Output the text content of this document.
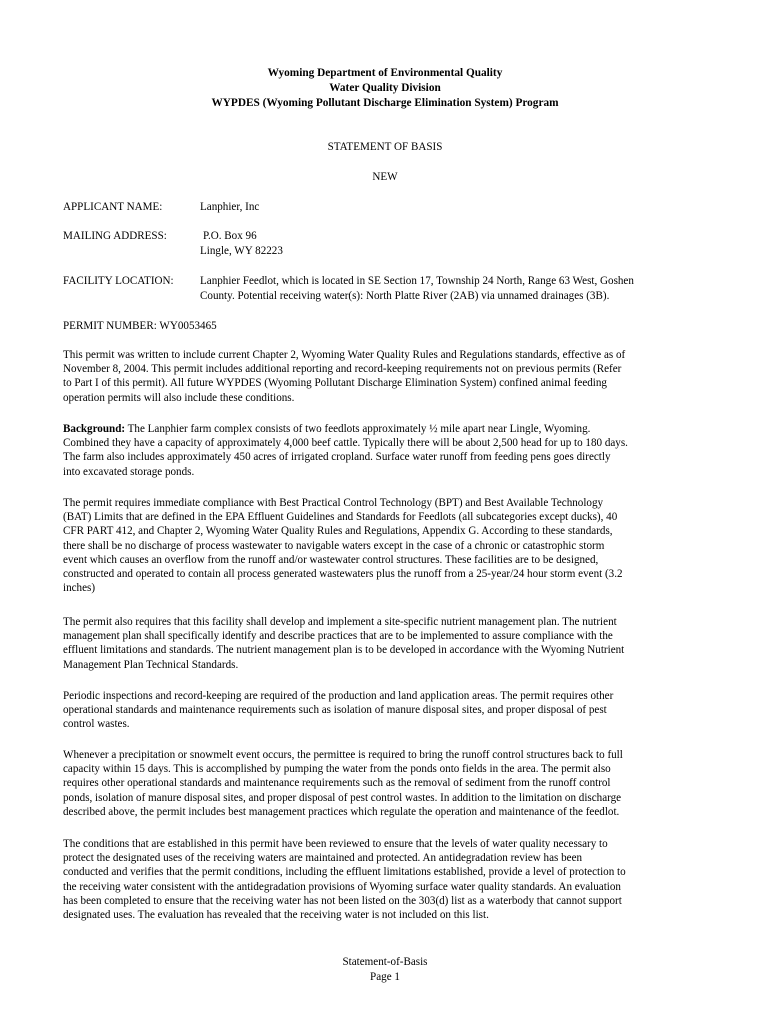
Wyoming Department of Environmental Quality
Water Quality Division
WYPDES (Wyoming Pollutant Discharge Elimination System) Program
STATEMENT OF BASIS
NEW
APPLICANT NAME:	Lanphier, Inc
MAILING ADDRESS:	P.O. Box 96
Lingle, WY 82223
FACILITY LOCATION: Lanphier Feedlot, which is located in SE Section 17, Township 24 North, Range 63 West, Goshen
County. Potential receiving water(s): North Platte River (2AB) via unnamed drainages (3B).
PERMIT NUMBER: WY0053465
This permit was written to include current Chapter 2, Wyoming Water Quality Rules and Regulations standards, effective as of
November 8, 2004. This permit includes additional reporting and record-keeping requirements not on previous permits (Refer
to Part I of this permit). All future WYPDES (Wyoming Pollutant Discharge Elimination System) confined animal feeding
operation permits will also include these conditions.
Background: The Lanphier farm complex consists of two feedlots approximately ½ mile apart near Lingle, Wyoming.
Combined they have a capacity of approximately 4,000 beef cattle. Typically there will be about 2,500 head for up to 180 days.
The farm also includes approximately 450 acres of irrigated cropland. Surface water runoff from feeding pens goes directly
into excavated storage ponds.
The permit requires immediate compliance with Best Practical Control Technology (BPT) and Best Available Technology
(BAT) Limits that are defined in the EPA Effluent Guidelines and Standards for Feedlots (all subcategories except ducks), 40
CFR PART 412, and Chapter 2, Wyoming Water Quality Rules and Regulations, Appendix G. According to these standards,
there shall be no discharge of process wastewater to navigable waters except in the case of a chronic or catastrophic storm
event which causes an overflow from the runoff and/or wastewater control structures. These facilities are to be designed,
constructed and operated to contain all process generated wastewaters plus the runoff from a 25-year/24 hour storm event (3.2
inches)
The permit also requires that this facility shall develop and implement a site-specific nutrient management plan. The nutrient
management plan shall specifically identify and describe practices that are to be implemented to assure compliance with the
effluent limitations and standards. The nutrient management plan is to be developed in accordance with the Wyoming Nutrient
Management Plan Technical Standards.
Periodic inspections and record-keeping are required of the production and land application areas. The permit requires other
operational standards and maintenance requirements such as isolation of manure disposal sites, and proper disposal of pest
control wastes.
Whenever a precipitation or snowmelt event occurs, the permittee is required to bring the runoff control structures back to full
capacity within 15 days. This is accomplished by pumping the water from the ponds onto fields in the area. The permit also
requires other operational standards and maintenance requirements such as the removal of sediment from the runoff control
ponds, isolation of manure disposal sites, and proper disposal of pest control wastes. In addition to the limitation on discharge
described above, the permit includes best management practices which regulate the operation and maintenance of the feedlot.
The conditions that are established in this permit have been reviewed to ensure that the levels of water quality necessary to
protect the designated uses of the receiving waters are maintained and protected. An antidegradation review has been
conducted and verifies that the permit conditions, including the effluent limitations established, provide a level of protection to
the receiving water consistent with the antidegradation provisions of Wyoming surface water quality standards. An evaluation
has been completed to ensure that the receiving water has not been listed on the 303(d) list as a waterbody that cannot support
designated uses. The evaluation has revealed that the receiving water is not included on this list.
Statement-of-Basis
Page 1
